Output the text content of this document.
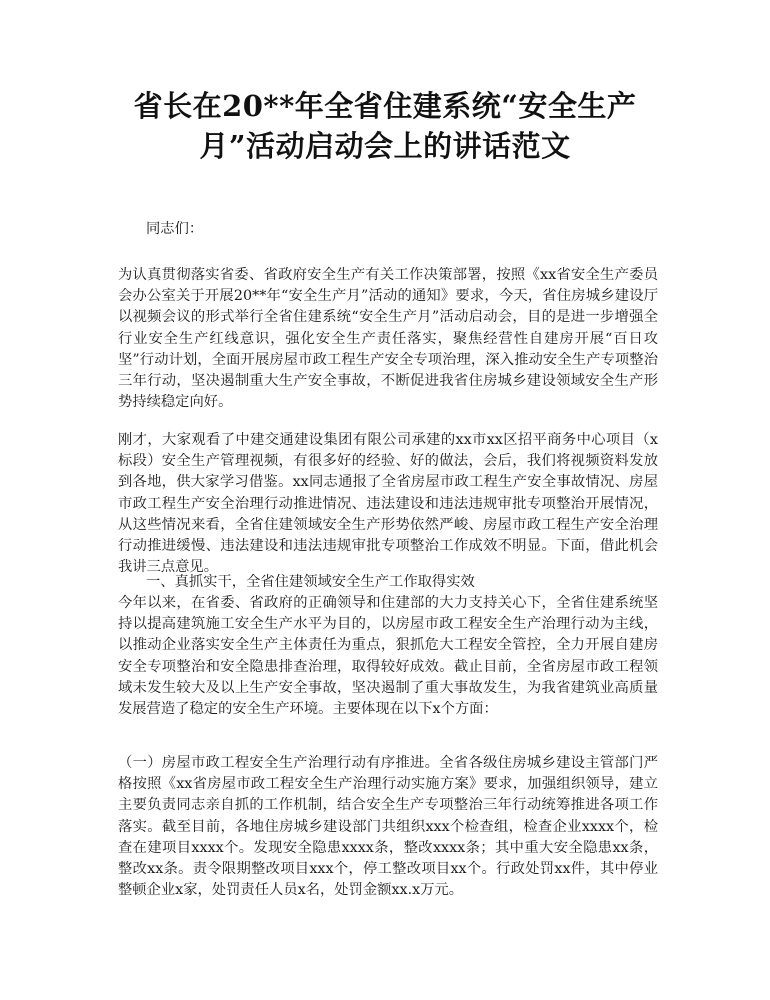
省长在20**年全省住建系统“安全生产月”活动启动会上的讲话范文

同志们：

为认真贯彻落实省委、省政府安全生产有关工作决策部署，按照《xx省安全生产委员会办公室关于开展20**年“安全生产月”活动的通知》要求，今天，省住房城乡建设厅以视频会议的形式举行全省住建系统“安全生产月”活动启动会，目的是进一步增强全行业安全生产红线意识，强化安全生产责任落实，聚焦经营性自建房开展“百日攻坚”行动计划，全面开展房屋市政工程生产安全专项治理，深入推动安全生产专项整治三年行动，坚决遏制重大生产安全事故，不断促进我省住房城乡建设领域安全生产形势持续稳定向好。

刚才，大家观看了中建交通建设集团有限公司承建的xx市xx区招平商务中心项目（x标段）安全生产管理视频，有很多好的经验、好的做法，会后，我们将视频资料发放到各地，供大家学习借鉴。xx同志通报了全省房屋市政工程生产安全事故情况、房屋市政工程生产安全治理行动推进情况、违法建设和违法违规审批专项整治开展情况，从这些情况来看，全省住建领域安全生产形势依然严峻、房屋市政工程生产安全治理行动推进缓慢、违法建设和违法违规审批专项整治工作成效不明显。下面，借此机会我讲三点意见。

一、真抓实干，全省住建领域安全生产工作取得实效

今年以来，在省委、省政府的正确领导和住建部的大力支持关心下，全省住建系统坚持以提高建筑施工安全生产水平为目的，以房屋市政工程安全生产治理行动为主线，以推动企业落实安全生产主体责任为重点，狠抓危大工程安全管控，全力开展自建房安全专项整治和安全隐患排查治理，取得较好成效。截止目前，全省房屋市政工程领域未发生较大及以上生产安全事故，坚决遏制了重大事故发生，为我省建筑业高质量发展营造了稳定的安全生产环境。主要体现在以下x个方面：

（一）房屋市政工程安全生产治理行动有序推进。全省各级住房城乡建设主管部门严格按照《xx省房屋市政工程安全生产治理行动实施方案》要求，加强组织领导，建立主要负责同志亲自抓的工作机制，结合安全生产专项整治三年行动统筹推进各项工作落实。截至目前，各地住房城乡建设部门共组织xxx个检查组，检查企业xxxx个，检查在建项目xxxx个。发现安全隐患xxxx条，整改xxxx条；其中重大安全隐患xx条，整改xx条。责令限期整改项目xxx个，停工整改项目xx个。行政处罚xx件，其中停业整顿企业x家，处罚责任人员x名，处罚金额xx.x万元。
